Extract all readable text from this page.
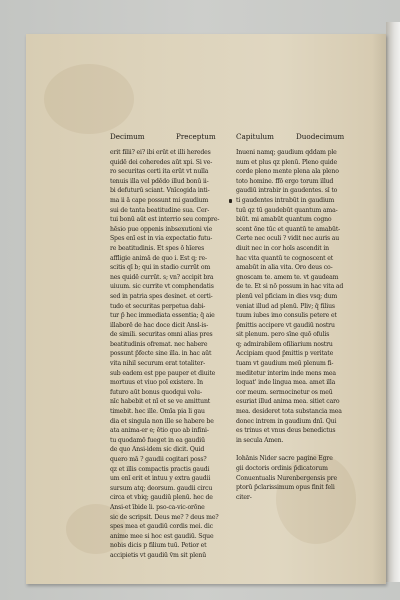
Decimum	Preceptum	Capitulum	Duodecimum
erit filii? ei? ibi erūt et illi heredes
quidē dei coheredes aūt xpi. Si ve-
ro securitas certi ita erūt vt nulla
tenuis illa vel pdēdo illud bonū ii-
bi defuturū sciant. Vnīcogida inti-
ma ii ā cape possunt mi gaudium
sui de tanta beatitudine sua. Cer-
tui bonū aūt est interrio seu compre-
hēsio pue oppenis inbsexutioni vie
Spes enī est in via expectatio futu-
re beatitudinis. Et spes ō hīeres
affligie animā de quo i. Est q; re-
scitis qī b; qui in stadio currūt om
nes quidē currūt. s; vn? accipit bra
uiuum. sic currite vt comphendatis
sed in patria spes desinet. et certi-
tudo et securitas perpetua dabi-
tur p̄ hec immediata essentia; q̄ aie
illaborē de hac doce dicit Ansl-is-
de simili. securitas omni alias pres
beatitudinis ofremat. nec habere
possunt p̄fecte sine illa. in hac aūt
vita nihil securum erat totaliter-
sub eadem est ppe pauper et diuite
mortuus et viuo poī existere. In
futuro aūt bonus quodqui volu-
nīc habebit et nī et se ve amittunt
timebit. hec ille. Omīa pia li gau
dia et singula non ille se habere be
ata anima-er e; ētio quo ab infini-
tu quodamō fueget in ea gaudiū
de quo Ansi-idem sic dicit. Quid
quero mā ? gaudii cogitari poss?
qz et illis compactis practis gaudi
um enī erit et intuu y extra gaudii
sursum atq; deorsum. gaudii circu
circa et vbiq; gaudiū plenū. hec de
Ansi-et ībide li. pso-ca-vic-orōne
sic de scripsit. Deus me? ? deus me?
spes mea et gaudiū cordis mei. dic
anime mee si hoc est gaudiū. Sque
nobis dicis p filium tuū. Petior et
accipietis vt gaudiū v̄m sit plenū
Inueni namq; gaudium qddam ple
num et plus qz plenū. Pleno quide
corde pleno mente plena ala pleno
toto homine. ffō ergo torum illud
gaudiū intrabir in gaudentes. sī to
ti gaudentes intrabūt in gaudium
tuū qz tū gaudebūt quantum ama-
biūt. mi amabūt quantum cogno
scent ōne tūc et quantū te amabūt-
Certe nec oculi ? vidit nec auris au
diuit nec in cor hoīs ascendit in
hac vita quantū te cognoscent et
amabūt in alia vita. Oro deus co-
gnoscam te. amem te. vt gaudeam
de te. Et si nō possum in hac vita ad
plenū vel pficiam in dies vsq; dum
veniat illud ad plenū. Pliv; q̄ filius
tuum iubes imo consulis petere et
p̄mittis accipere vt gaudiū nostru
sit plenum. pero sīne quō ofulis
q; admirabilem ofiliarium nostru
Accipiam quod p̄mittis p veritate
tuam vt gaudium meū plenum fi-
meditetur interim inde mens mea
loquat' inde lingua mea. amet illa
cor meum. sermocinetur os meū
esuriat illud anima mea. sitiet caro
mea. desideret tota substancia mea
donec intrem in gaudium dnī. Qui
es trinus et vnus deus benedictus
in secula Amen.
Iohānis Nider sacre pagine Egre
gii doctoris ordinis p̄dicatorum
Conuentualis Nurenbergensis pre
ptorū p̄clarissimum opus finit feli
citer-
